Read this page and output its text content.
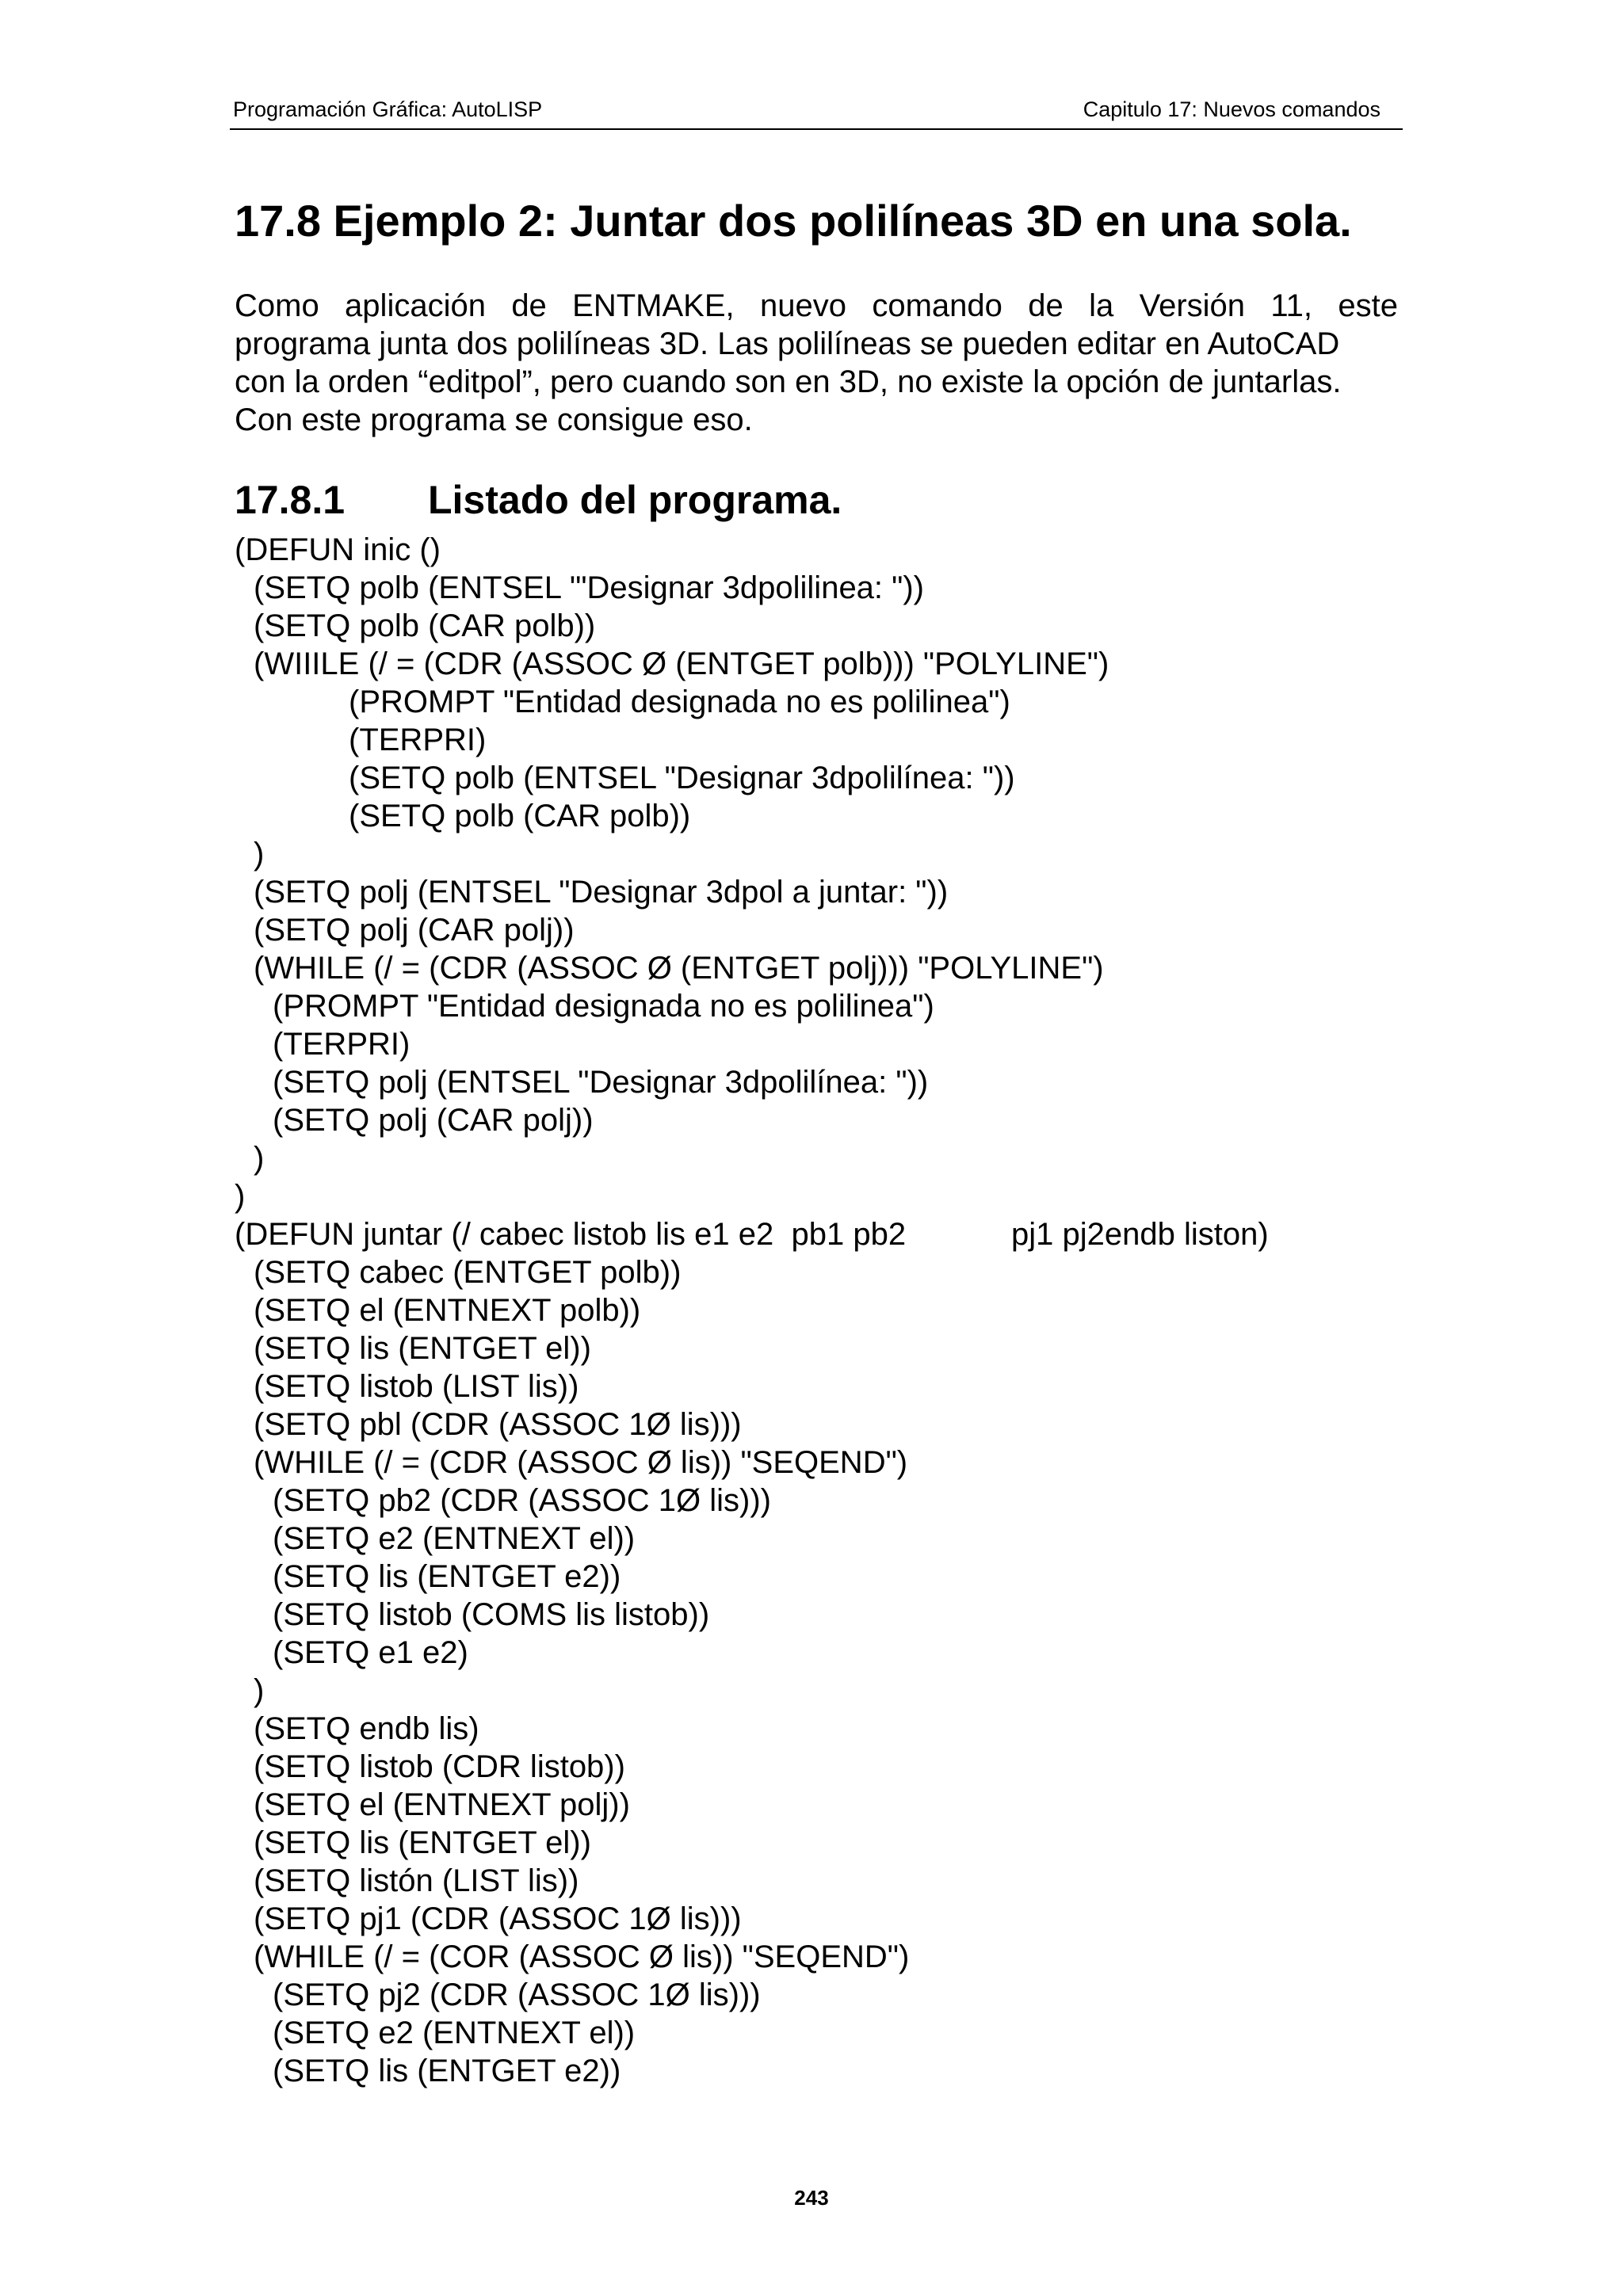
Programación Gráfica: AutoLISP	Capitulo 17: Nuevos comandos
17.8 Ejemplo 2: Juntar dos polilíneas 3D en una sola.

Como aplicación de ENTMAKE, nuevo comando de la Versión 11, este
programa junta dos polilíneas 3D. Las polilíneas se pueden editar en AutoCAD
con la orden “editpol”, pero cuando son en 3D, no existe la opción de juntarlas.
Con este programa se consigue eso.

17.8.1 Listado del programa.
(DEFUN inic ()
(SETQ polb (ENTSEL '"Designar 3dpolilinea: "))
(SETQ polb (CAR polb))
(WIIILE (/ = (CDR (ASSOC Ø (ENTGET polb))) "POLYLINE")
(PROMPT "Entidad designada no es polilinea")
(TERPRI)
(SETQ polb (ENTSEL "Designar 3dpolilínea: "))
(SETQ polb (CAR polb))
)
(SETQ polj (ENTSEL "Designar 3dpol a juntar: "))
(SETQ polj (CAR polj))
(WHILE (/ = (CDR (ASSOC Ø (ENTGET polj))) "POLYLINE")
(PROMPT "Entidad designada no es polilinea")
(TERPRI)
(SETQ polj (ENTSEL "Designar 3dpolilínea: "))
(SETQ polj (CAR polj))
)
)
(DEFUN juntar (/ cabec listob lis e1 e2  pb1 pb2	pj1 pj2endb liston)
(SETQ cabec (ENTGET polb))
(SETQ el (ENTNEXT polb))
(SETQ lis (ENTGET el))
(SETQ listob (LIST lis))
(SETQ pbl (CDR (ASSOC 1Ø lis)))
(WHILE (/ = (CDR (ASSOC Ø lis)) "SEQEND")
(SETQ pb2 (CDR (ASSOC 1Ø lis)))
(SETQ e2 (ENTNEXT el))
(SETQ lis (ENTGET e2))
(SETQ listob (COMS lis listob))
(SETQ e1 e2)
)
(SETQ endb lis)
(SETQ listob (CDR listob))
(SETQ el (ENTNEXT polj))
(SETQ lis (ENTGET el))
(SETQ listón (LIST lis))
(SETQ pj1 (CDR (ASSOC 1Ø lis)))
(WHILE (/ = (COR (ASSOC Ø lis)) "SEQEND")
(SETQ pj2 (CDR (ASSOC 1Ø lis)))
(SETQ e2 (ENTNEXT el))
(SETQ lis (ENTGET e2))
243
